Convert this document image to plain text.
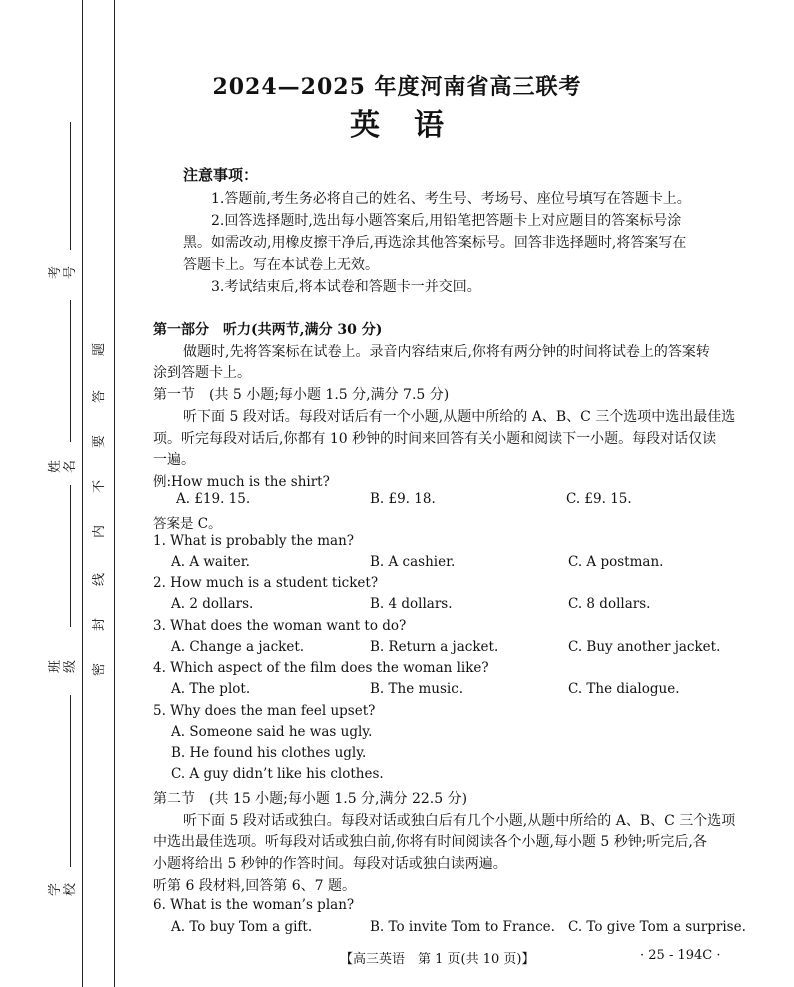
考号
姓名
班级
学校
题
答
要
不
内
线
封
密
2024—2025 年度河南省高三联考
英语
注意事项：
1.答题前,考生务必将自己的姓名、考生号、考场号、座位号填写在答题卡上。
2.回答选择题时,选出每小题答案后,用铅笔把答题卡上对应题目的答案标号涂
黑。如需改动,用橡皮擦干净后,再选涂其他答案标号。回答非选择题时,将答案写在
答题卡上。写在本试卷上无效。
3.考试结束后,将本试卷和答题卡一并交回。
第一部分　听力(共两节,满分 30 分)
做题时,先将答案标在试卷上。录音内容结束后,你将有两分钟的时间将试卷上的答案转
涂到答题卡上。
第一节　(共 5 小题;每小题 1.5 分,满分 7.5 分)
听下面 5 段对话。每段对话后有一个小题,从题中所给的 A、B、C 三个选项中选出最佳选
项。听完每段对话后,你都有 10 秒钟的时间来回答有关小题和阅读下一小题。每段对话仅读
一遍。
例:How much is the shirt?
A. £19. 15.	B. £9. 18.	C. £9. 15.
答案是 C。
1. What is probably the man?
A. A waiter.	B. A cashier.	C. A postman.
2. How much is a student ticket?
A. 2 dollars.	B. 4 dollars.	C. 8 dollars.
3. What does the woman want to do?
A. Change a jacket.	B. Return a jacket.	C. Buy another jacket.
4. Which aspect of the film does the woman like?
A. The plot.	B. The music.	C. The dialogue.
5. Why does the man feel upset?
A. Someone said he was ugly.
B. He found his clothes ugly.
C. A guy didn’t like his clothes.
第二节　(共 15 小题;每小题 1.5 分,满分 22.5 分)
听下面 5 段对话或独白。每段对话或独白后有几个小题,从题中所给的 A、B、C 三个选项
中选出最佳选项。听每段对话或独白前,你将有时间阅读各个小题,每小题 5 秒钟;听完后,各
小题将给出 5 秒钟的作答时间。每段对话或独白读两遍。
听第 6 段材料,回答第 6、7 题。
6. What is the woman’s plan?
A. To buy Tom a gift.	B. To invite Tom to France. C. To give Tom a surprise.
【高三英语　第 1 页(共 10 页)】	· 25 - 194C ·
